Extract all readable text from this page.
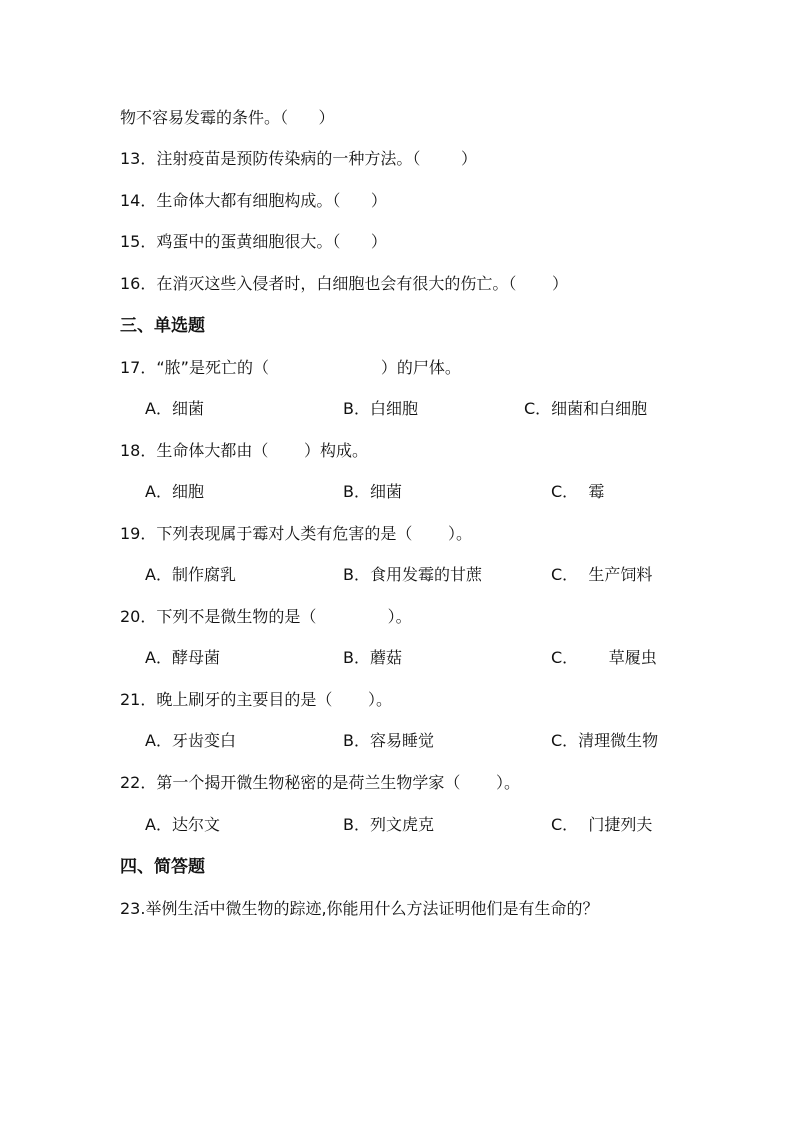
物不容易发霉的条件。（      ）
13．注射疫苗是预防传染病的一种方法。（        ）
14．生命体大都有细胞构成。（      ）
15．鸡蛋中的蛋黄细胞很大。（      ）
16．在消灭这些入侵者时，白细胞也会有很大的伤亡。（       ）
三、单选题
17．“脓”是死亡的（                      ）的尸体。
A．细菌	B．白细胞	C．细菌和白细胞
18．生命体大都由（       ）构成。
A．细胞	B．细菌	C．  霉
19．下列表现属于霉对人类有危害的是（       ）。
A．制作腐乳	B．食用发霉的甘蔗	C．  生产饲料
20．下列不是微生物的是（              ）。
A．酵母菌	B．蘑菇	C．      草履虫
21．晚上刷牙的主要目的是（       ）。
A．牙齿变白	B．容易睡觉	C．清理微生物
22．第一个揭开微生物秘密的是荷兰生物学家（       ）。
A．达尔文	B．列文虎克	C．  门捷列夫
四、简答题
23.举例生活中微生物的踪迹,你能用什么方法证明他们是有生命的？
